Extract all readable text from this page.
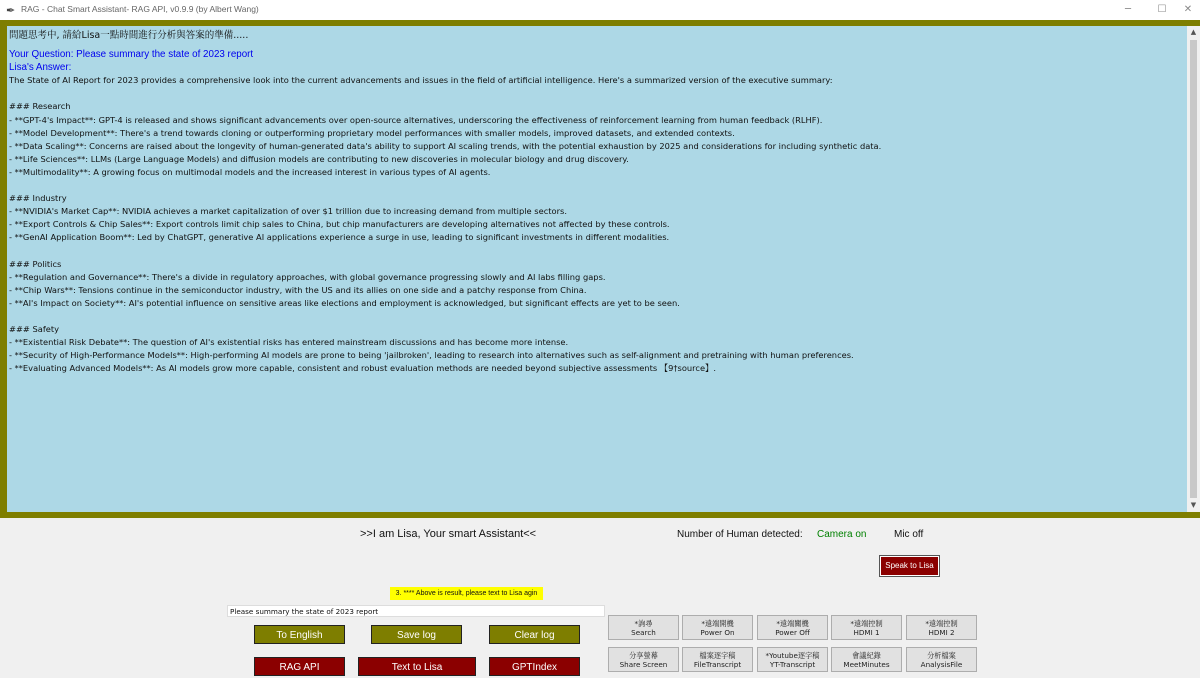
✒ RAG - Chat Smart Assistant- RAG API, v0.9.9 (by Albert Wang)	─	☐	✕
問題思考中, 請給Lisa一點時間進行分析與答案的準備.....
Your Question: Please summary the state of 2023 report
Lisa's Answer:
The State of AI Report for 2023 provides a comprehensive look into the current advancements and issues in the field of artificial intelligence. Here's a summarized version of the executive summary:
### Research
- **GPT-4's Impact**: GPT-4 is released and shows significant advancements over open-source alternatives, underscoring the effectiveness of reinforcement learning from human feedback (RLHF).
- **Model Development**: There's a trend towards cloning or outperforming proprietary model performances with smaller models, improved datasets, and extended contexts.
- **Data Scaling**: Concerns are raised about the longevity of human-generated data's ability to support AI scaling trends, with the potential exhaustion by 2025 and considerations for including synthetic data.
- **Life Sciences**: LLMs (Large Language Models) and diffusion models are contributing to new discoveries in molecular biology and drug discovery.
- **Multimodality**: A growing focus on multimodal models and the increased interest in various types of AI agents.
### Industry
- **NVIDIA's Market Cap**: NVIDIA achieves a market capitalization of over $1 trillion due to increasing demand from multiple sectors.
- **Export Controls & Chip Sales**: Export controls limit chip sales to China, but chip manufacturers are developing alternatives not affected by these controls.
- **GenAI Application Boom**: Led by ChatGPT, generative AI applications experience a surge in use, leading to significant investments in different modalities.
### Politics
- **Regulation and Governance**: There's a divide in regulatory approaches, with global governance progressing slowly and AI labs filling gaps.
- **Chip Wars**: Tensions continue in the semiconductor industry, with the US and its allies on one side and a patchy response from China.
- **AI's Impact on Society**: AI's potential influence on sensitive areas like elections and employment is acknowledged, but significant effects are yet to be seen.
### Safety
- **Existential Risk Debate**: The question of AI's existential risks has entered mainstream discussions and has become more intense.
- **Security of High-Performance Models**: High-performing AI models are prone to being 'jailbroken', leading to research into alternatives such as self-alignment and pretraining with human preferences.
- **Evaluating Advanced Models**: As AI models grow more capable, consistent and robust evaluation methods are needed beyond subjective assessments 【9†source】.
▲
▼
>>I am Lisa, Your smart Assistant<<	Number of Human detected: Camera on	Mic off
Speak to Lisa
3. **** Above is result, please text to Lisa agin
Please summary the state of 2023 report
To English	Save log	Clear log
RAG API	Text to Lisa	GPTIndex
*詢尋
Search
*遠端開機
Power On
*遠端關機
Power Off
*遠端控制
HDMI 1
*遠端控制
HDMI 2
分享螢幕
Share Screen
檔案逐字稿
FileTranscript
*Youtube逐字稿
YT-Transcript
會議紀錄
MeetMinutes
分析檔案
AnalysisFile
